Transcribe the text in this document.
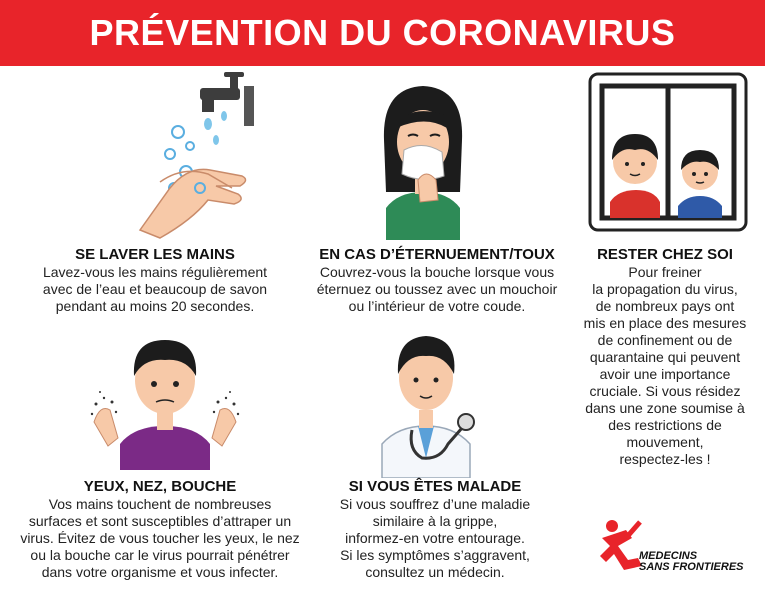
PRÉVENTION DU CORONAVIRUS
SE LAVER LES MAINS

Lavez-vous les mains régulièrement

avec de l’eau et beaucoup de savon

pendant au moins 20 secondes.

EN CAS D’ÉTERNUEMENT/TOUX

Couvrez-vous la bouche lorsque vous

éternuez ou toussez avec un mouchoir

ou l’intérieur de votre coude.

RESTER CHEZ SOI

Pour freiner

la propagation du virus,

de nombreux pays ont

mis en place des mesures

de confinement ou de

quarantaine qui peuvent

avoir une importance

cruciale. Si vous résidez

dans une zone soumise à

des restrictions de

mouvement,

respectez-les !

YEUX, NEZ, BOUCHE

Vos mains touchent de nombreuses

surfaces et sont susceptibles d’attraper un

virus. Évitez de vous toucher les yeux, le nez

ou la bouche car le virus pourrait pénétrer

dans votre organisme et vous infecter.

SI VOUS ÊTES MALADE

Si vous souffrez d’une maladie

similaire à la grippe,

informez-en votre entourage.

Si les symptômes s’aggravent,

consultez un médecin.

MEDECINS
SANS FRONTIERES
